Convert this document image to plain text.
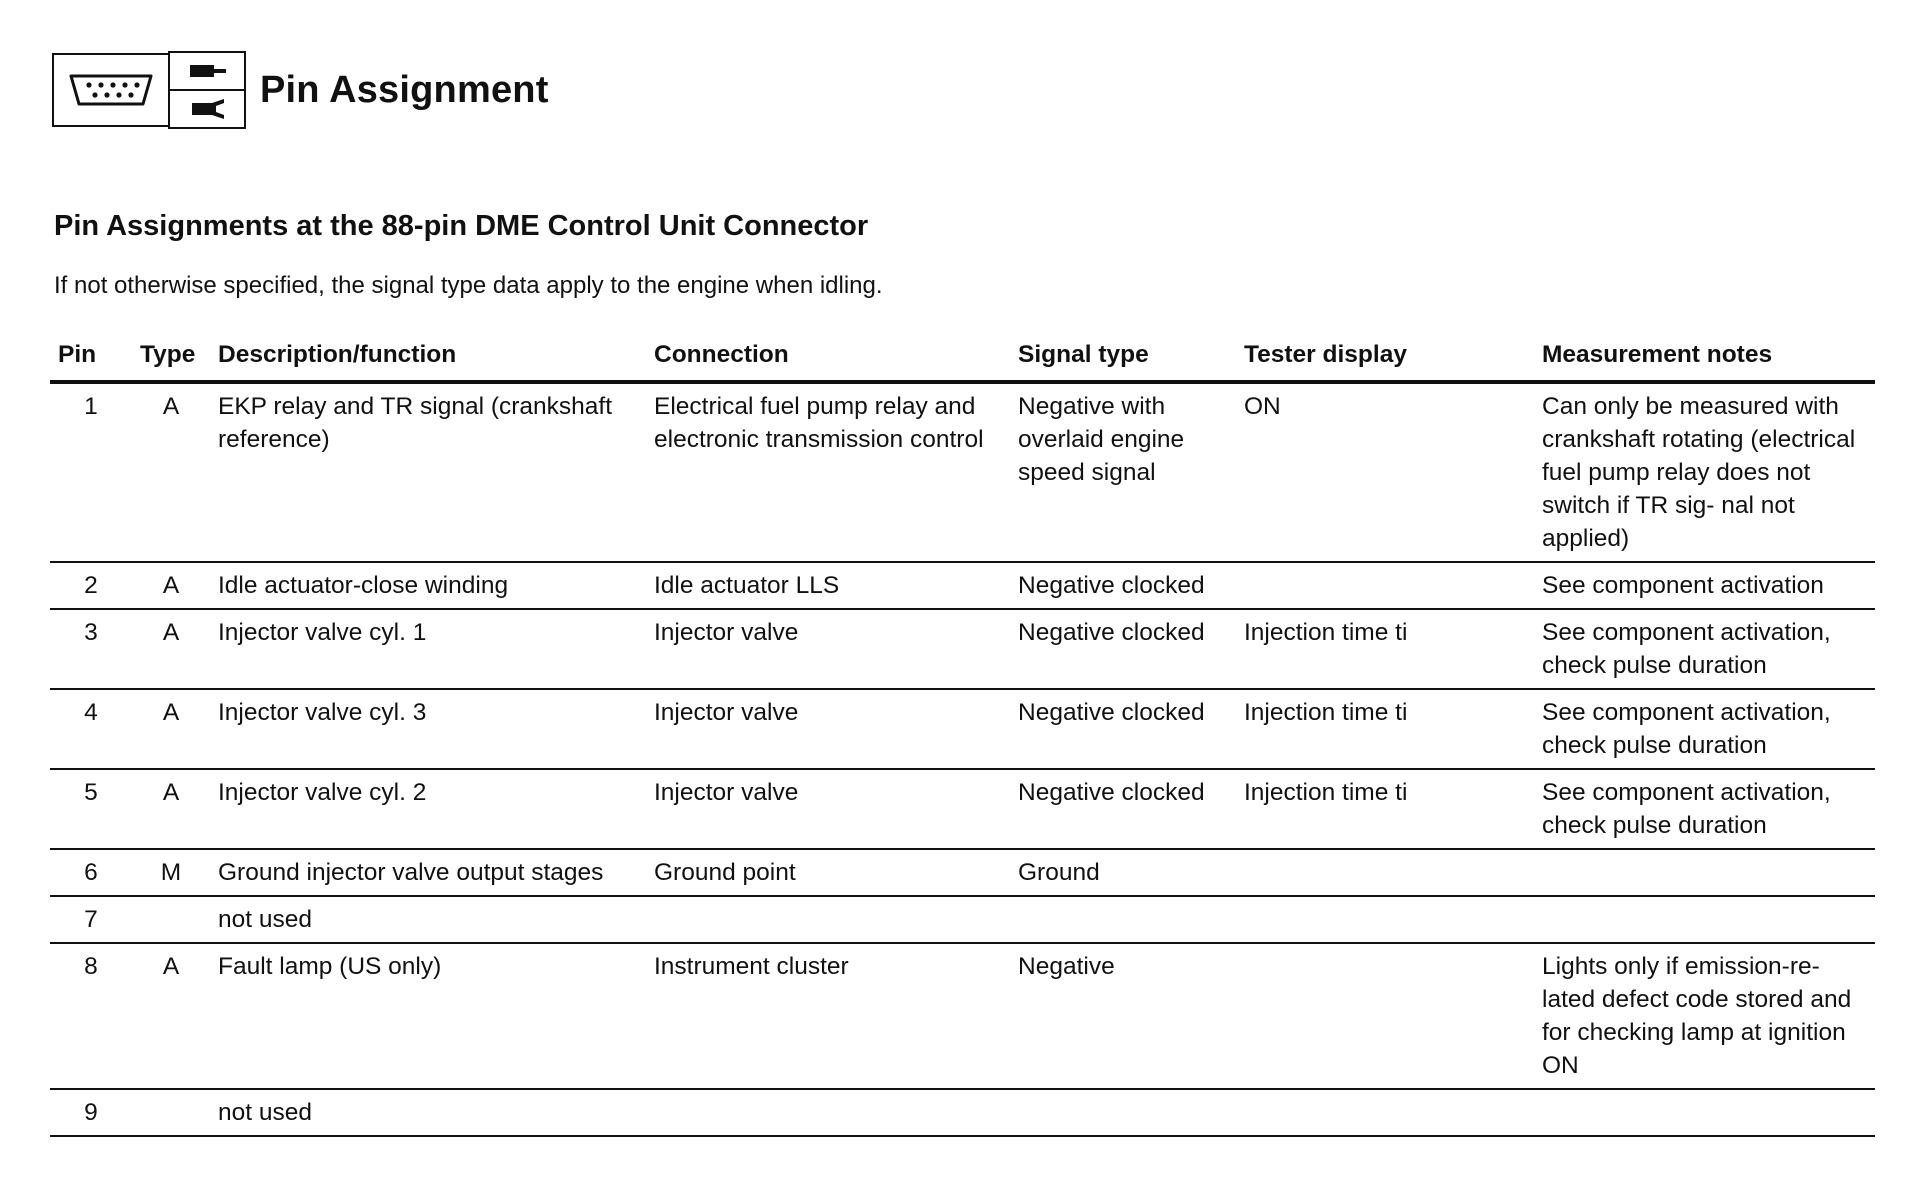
Pin Assignment
Pin Assignments at the 88-pin DME Control Unit Connector
If not otherwise specified, the signal type data apply to the engine when idling.
Pin	Type	Description/function	Connection	Signal type	Tester display	Measurement notes
1	A	EKP relay and TR signal (crankshaft reference)	Electrical fuel pump relay and electronic transmission control	Negative with overlaid engine speed signal	ON	Can only be measured with crankshaft rotating (electrical fuel pump relay does not switch if TR sig- nal not applied)
2	A	Idle actuator-close winding	Idle actuator LLS	Negative clocked		See component activation
3	A	Injector valve cyl. 1	Injector valve	Negative clocked	Injection time ti	See component activation, check pulse duration
4	A	Injector valve cyl. 3	Injector valve	Negative clocked	Injection time ti	See component activation, check pulse duration
5	A	Injector valve cyl. 2	Injector valve	Negative clocked	Injection time ti	See component activation, check pulse duration
6	M	Ground injector valve output stages	Ground point	Ground		
7		not used				
8	A	Fault lamp (US only)	Instrument cluster	Negative		Lights only if emission-re- lated defect code stored and for checking lamp at ignition ON
9		not used				
